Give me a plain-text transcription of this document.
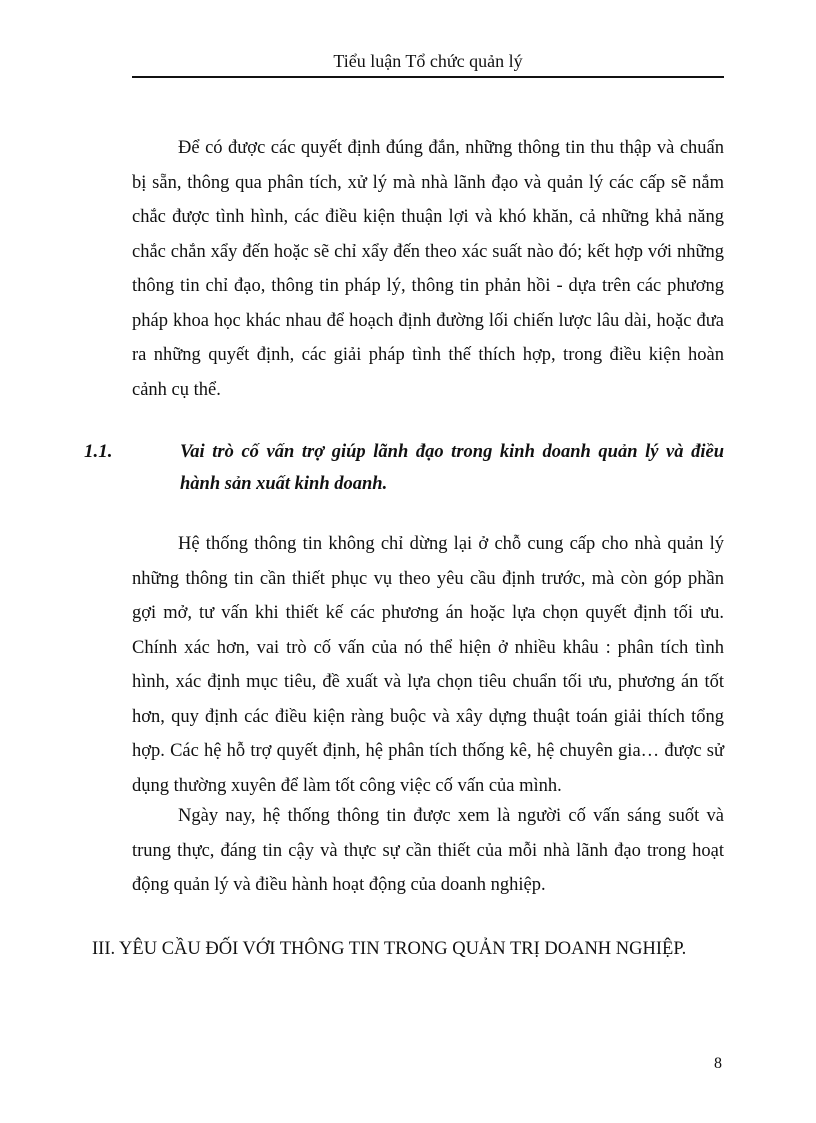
Tiểu luận Tổ chức quản lý

Để có được các quyết định đúng đắn, những thông tin thu thập và chuẩn bị sẵn, thông qua phân tích, xử lý mà nhà lãnh đạo và quản lý các cấp sẽ nắm chắc được tình hình, các điều kiện thuận lợi và khó khăn, cả những khả năng chắc chắn xẩy đến hoặc sẽ chỉ xẩy đến theo xác suất nào đó; kết hợp với những thông tin chỉ đạo, thông tin pháp lý, thông tin phản hồi - dựa trên các phương pháp khoa học khác nhau để hoạch định đường lối chiến lược lâu dài, hoặc đưa ra những quyết định, các giải pháp tình thế thích hợp, trong điều kiện hoàn cảnh cụ thể.

1.1.	Vai trò cố vấn trợ giúp lãnh đạo trong kinh doanh quản lý và điều hành sản xuất kinh doanh.

Hệ thống thông tin không chỉ dừng lại ở chỗ cung cấp cho nhà quản lý những thông tin cần thiết phục vụ theo yêu cầu định trước, mà còn góp phần gợi mở, tư vấn khi thiết kế các phương án hoặc lựa chọn quyết định tối ưu. Chính xác hơn, vai trò cố vấn của nó thể hiện ở nhiều khâu : phân tích tình hình, xác định mục tiêu, đề xuất và lựa chọn tiêu chuẩn tối ưu, phương án tốt hơn, quy định các điều kiện ràng buộc và xây dựng thuật toán giải thích tổng hợp. Các hệ hỗ trợ quyết định, hệ phân tích thống kê, hệ chuyên gia… được sử dụng thường xuyên để làm tốt công việc cố vấn của mình.

Ngày nay, hệ thống thông tin được xem là người cố vấn sáng suốt và trung thực, đáng tin cậy và thực sự cần thiết của mỗi nhà lãnh đạo trong hoạt động quản lý và điều hành hoạt động của doanh nghiệp.

III. YÊU CẦU ĐỐI VỚI THÔNG TIN TRONG QUẢN TRỊ DOANH NGHIỆP.
8
